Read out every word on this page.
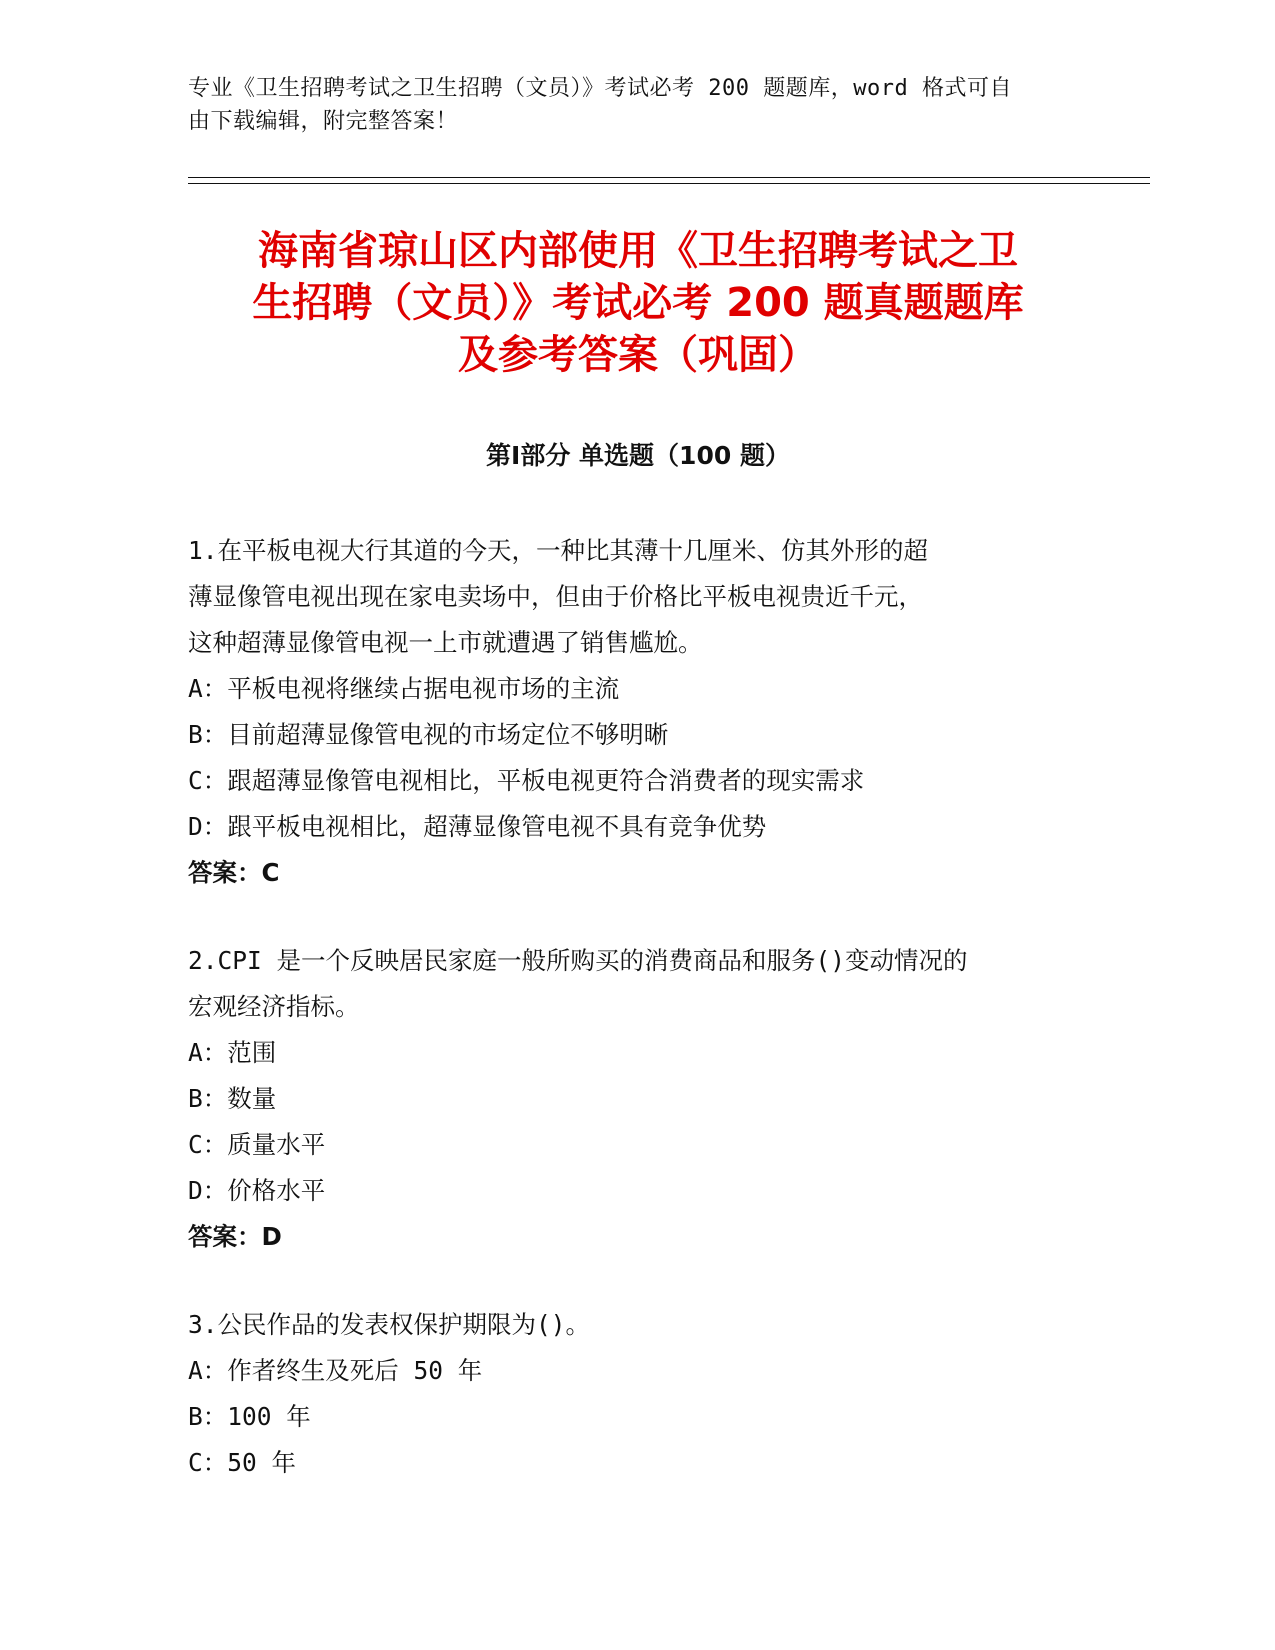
专业《卫生招聘考试之卫生招聘（文员）》考试必考 200 题题库，word 格式可自
由下载编辑，附完整答案！
海南省琼山区内部使用《卫生招聘考试之卫
生招聘（文员）》考试必考 200 题真题题库
及参考答案（巩固）
第Ⅰ部分 单选题（100 题）
1.在平板电视大行其道的今天，一种比其薄十几厘米、仿其外形的超
薄显像管电视出现在家电卖场中，但由于价格比平板电视贵近千元，
这种超薄显像管电视一上市就遭遇了销售尴尬。
A：平板电视将继续占据电视市场的主流
B：目前超薄显像管电视的市场定位不够明晰
C：跟超薄显像管电视相比，平板电视更符合消费者的现实需求
D：跟平板电视相比，超薄显像管电视不具有竞争优势
答案：C
2.CPI 是一个反映居民家庭一般所购买的消费商品和服务()变动情况的
宏观经济指标。
A：范围
B：数量
C：质量水平
D：价格水平
答案：D
3.公民作品的发表权保护期限为()。
A：作者终生及死后 50 年
B：100 年
C：50 年
